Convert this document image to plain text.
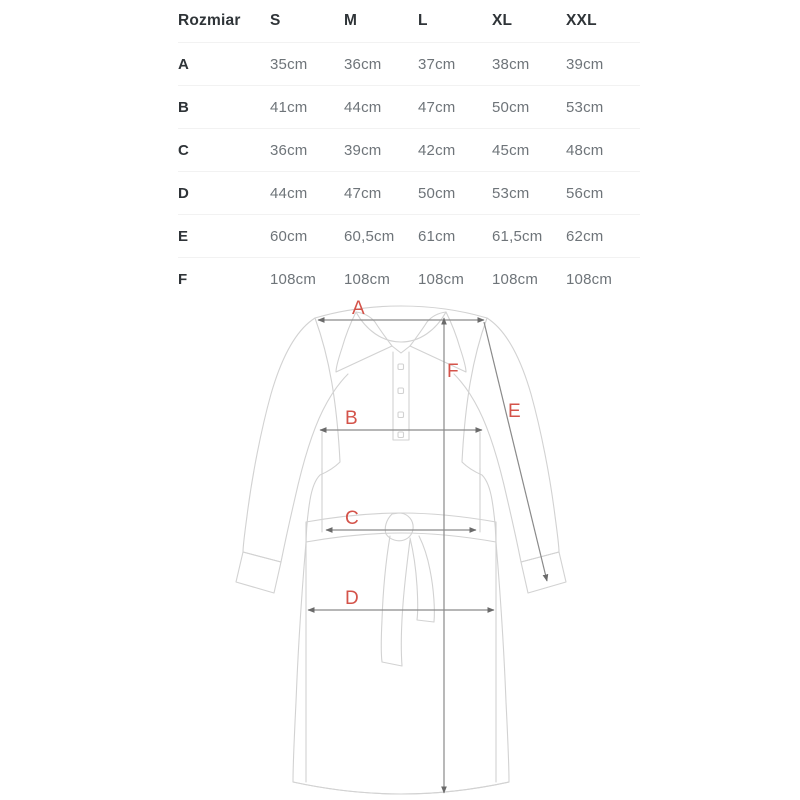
Rozmiar	S	M	L	XL	XXL
A	35cm	36cm	37cm	38cm	39cm
B	41cm	44cm	47cm	50cm	53cm
C	36cm	39cm	42cm	45cm	48cm
D	44cm	47cm	50cm	53cm	56cm
E	60cm	60,5cm	61cm	61,5cm	62cm
F	108cm	108cm	108cm	108cm	108cm
A
B
C
D
E
F
